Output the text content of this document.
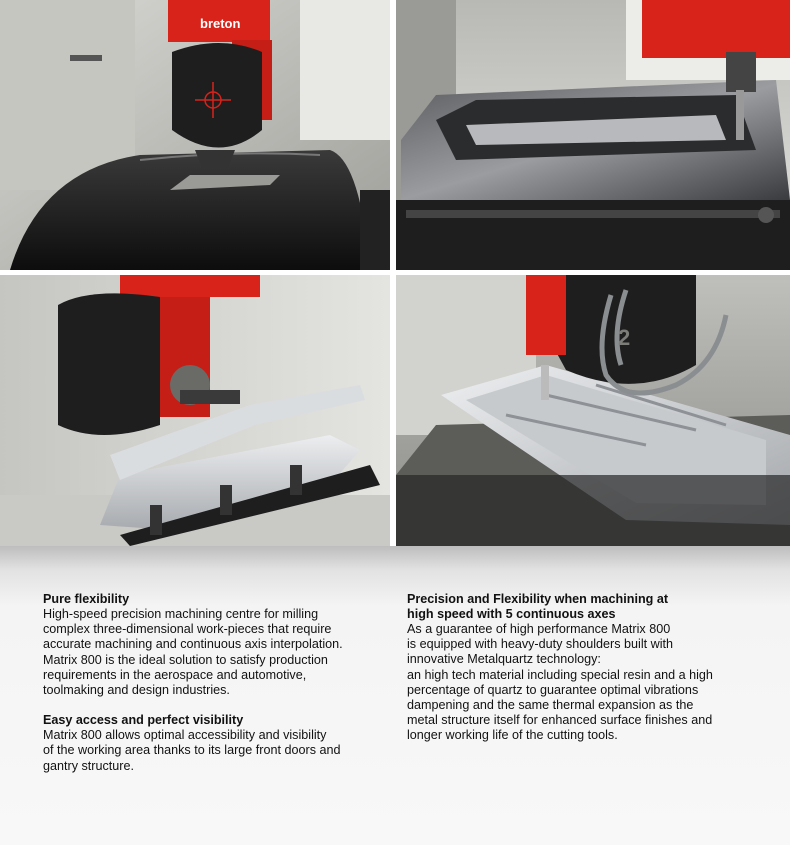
breton
2
Pure flexibility

High-speed precision machining centre for milling
complex three-dimensional work-pieces that require
accurate machining and continuous axis interpolation.
Matrix 800 is the ideal solution to satisfy production
requirements in the aerospace and automotive,
toolmaking and design industries.

Easy access and perfect visibility

Matrix 800 allows optimal accessibility and visibility
of the working area thanks to its large front doors and
gantry structure.

Precision and Flexibility when machining at
high speed with 5 continuous axes

As a guarantee of high performance Matrix 800
is equipped with heavy-duty shoulders built with
innovative Metalquartz technology:
an high tech material including special resin and a high
percentage of quartz to guarantee optimal vibrations
dampening and the same thermal expansion as the
metal structure itself for enhanced surface finishes and
longer working life of the cutting tools.
